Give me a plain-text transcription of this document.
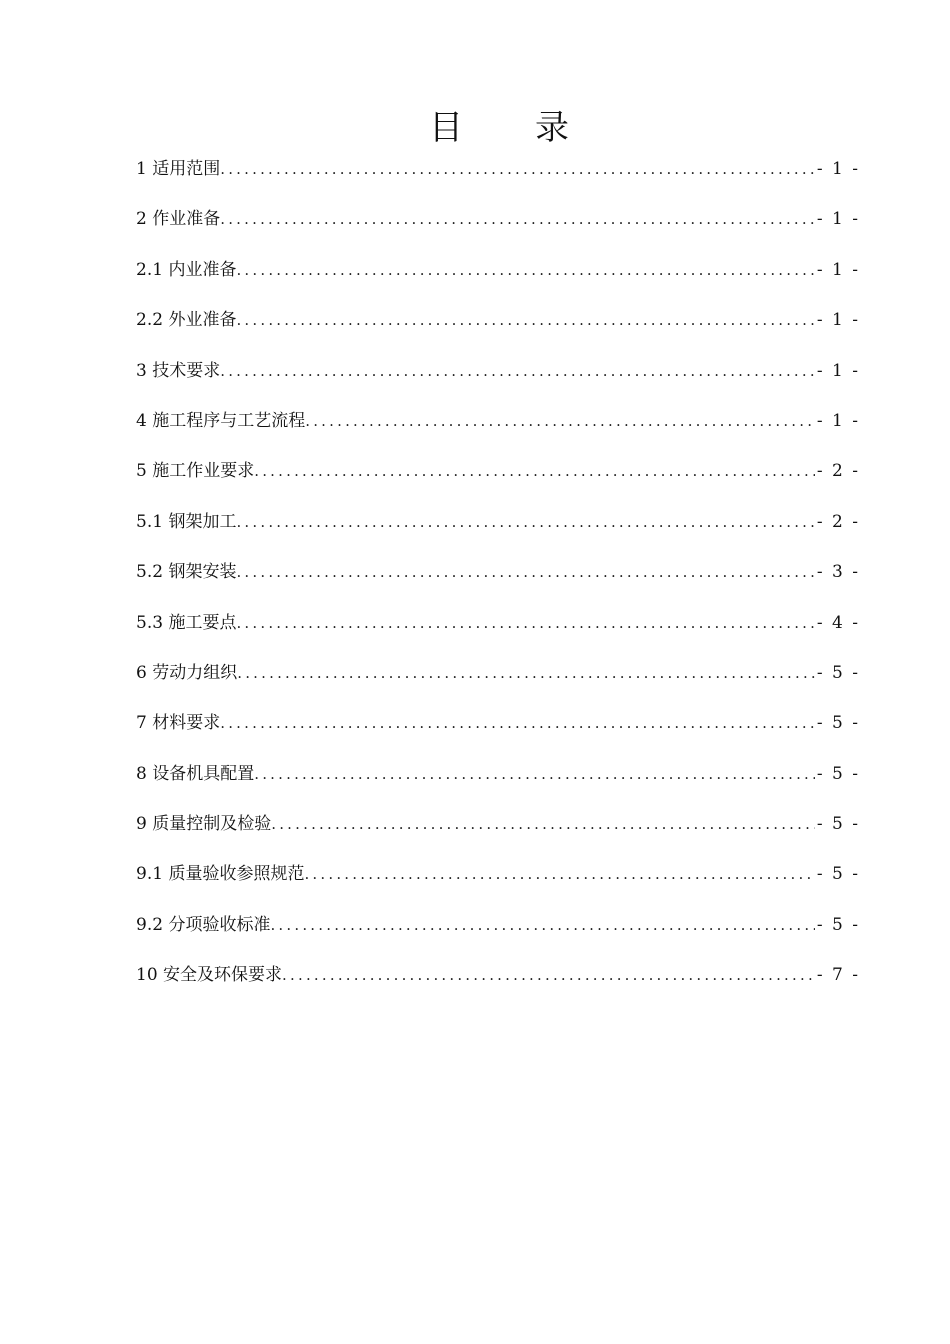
目 录
1 适用范围 .....	- 1 -
2 作业准备 .....	- 1 -
2.1 内业准备 .....	- 1 -
2.2 外业准备 .....	- 1 -
3 技术要求 .....	- 1 -
4 施工程序与工艺流程 .....	- 1 -
5 施工作业要求 .....	- 2 -
5.1 钢架加工 .....	- 2 -
5.2 钢架安装 .....	- 3 -
5.3 施工要点 .....	- 4 -
6 劳动力组织 .....	- 5 -
7 材料要求 .....	- 5 -
8 设备机具配置 .....	- 5 -
9 质量控制及检验 .....	- 5 -
9.1 质量验收参照规范 .....	- 5 -
9.2 分项验收标准 .....	- 5 -
10 安全及环保要求 .....	- 7 -
